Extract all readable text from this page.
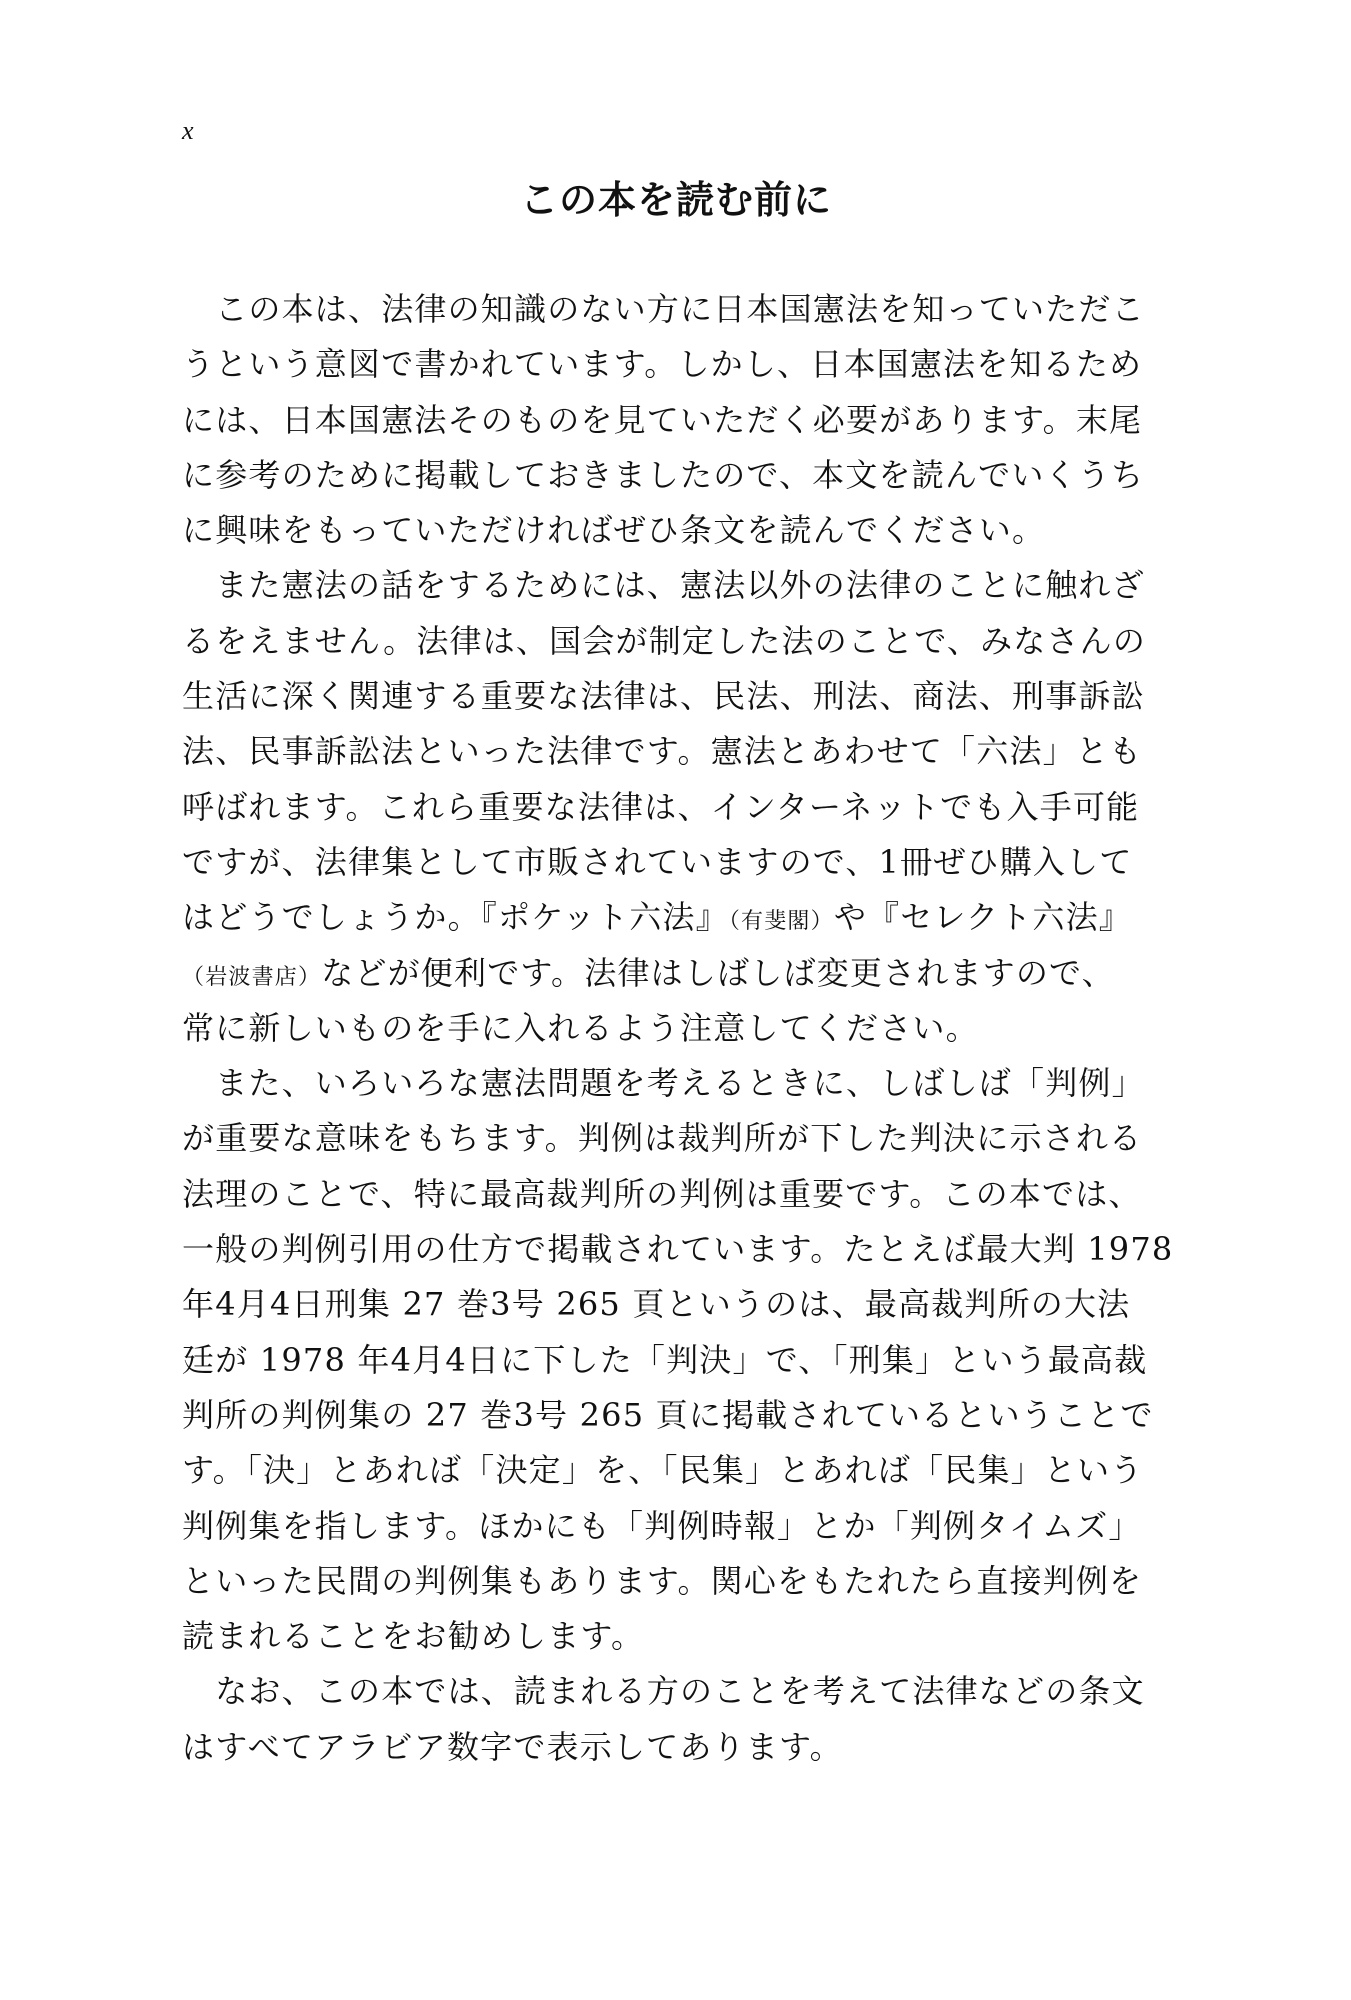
x
この本を読む前に
　この本は、法律の知識のない方に日本国憲法を知っていただこ
うという意図で書かれています。しかし、日本国憲法を知るため
には、日本国憲法そのものを見ていただく必要があります。末尾
に参考のために掲載しておきましたので、本文を読んでいくうち
に興味をもっていただければぜひ条文を読んでください。
　また憲法の話をするためには、憲法以外の法律のことに触れざ
るをえません。法律は、国会が制定した法のことで、みなさんの
生活に深く関連する重要な法律は、民法、刑法、商法、刑事訴訟
法、民事訴訟法といった法律です。憲法とあわせて「六法」とも
呼ばれます。これら重要な法律は、インターネットでも入手可能
ですが、法律集として市販されていますので、1冊ぜひ購入して
はどうでしょうか。『ポケット六法』（有斐閣）や『セレクト六法』
（岩波書店）などが便利です。法律はしばしば変更されますので、
常に新しいものを手に入れるよう注意してください。
　また、いろいろな憲法問題を考えるときに、しばしば「判例」
が重要な意味をもちます。判例は裁判所が下した判決に示される
法理のことで、特に最高裁判所の判例は重要です。この本では、
一般の判例引用の仕方で掲載されています。たとえば最大判 1978
年4月4日刑集 27 巻3号 265 頁というのは、最高裁判所の大法
廷が 1978 年4月4日に下した「判決」で、「刑集」という最高裁
判所の判例集の 27 巻3号 265 頁に掲載されているということで
す。「決」とあれば「決定」を、「民集」とあれば「民集」という
判例集を指します。ほかにも「判例時報」とか「判例タイムズ」
といった民間の判例集もあります。関心をもたれたら直接判例を
読まれることをお勧めします。
　なお、この本では、読まれる方のことを考えて法律などの条文
はすべてアラビア数字で表示してあります。
